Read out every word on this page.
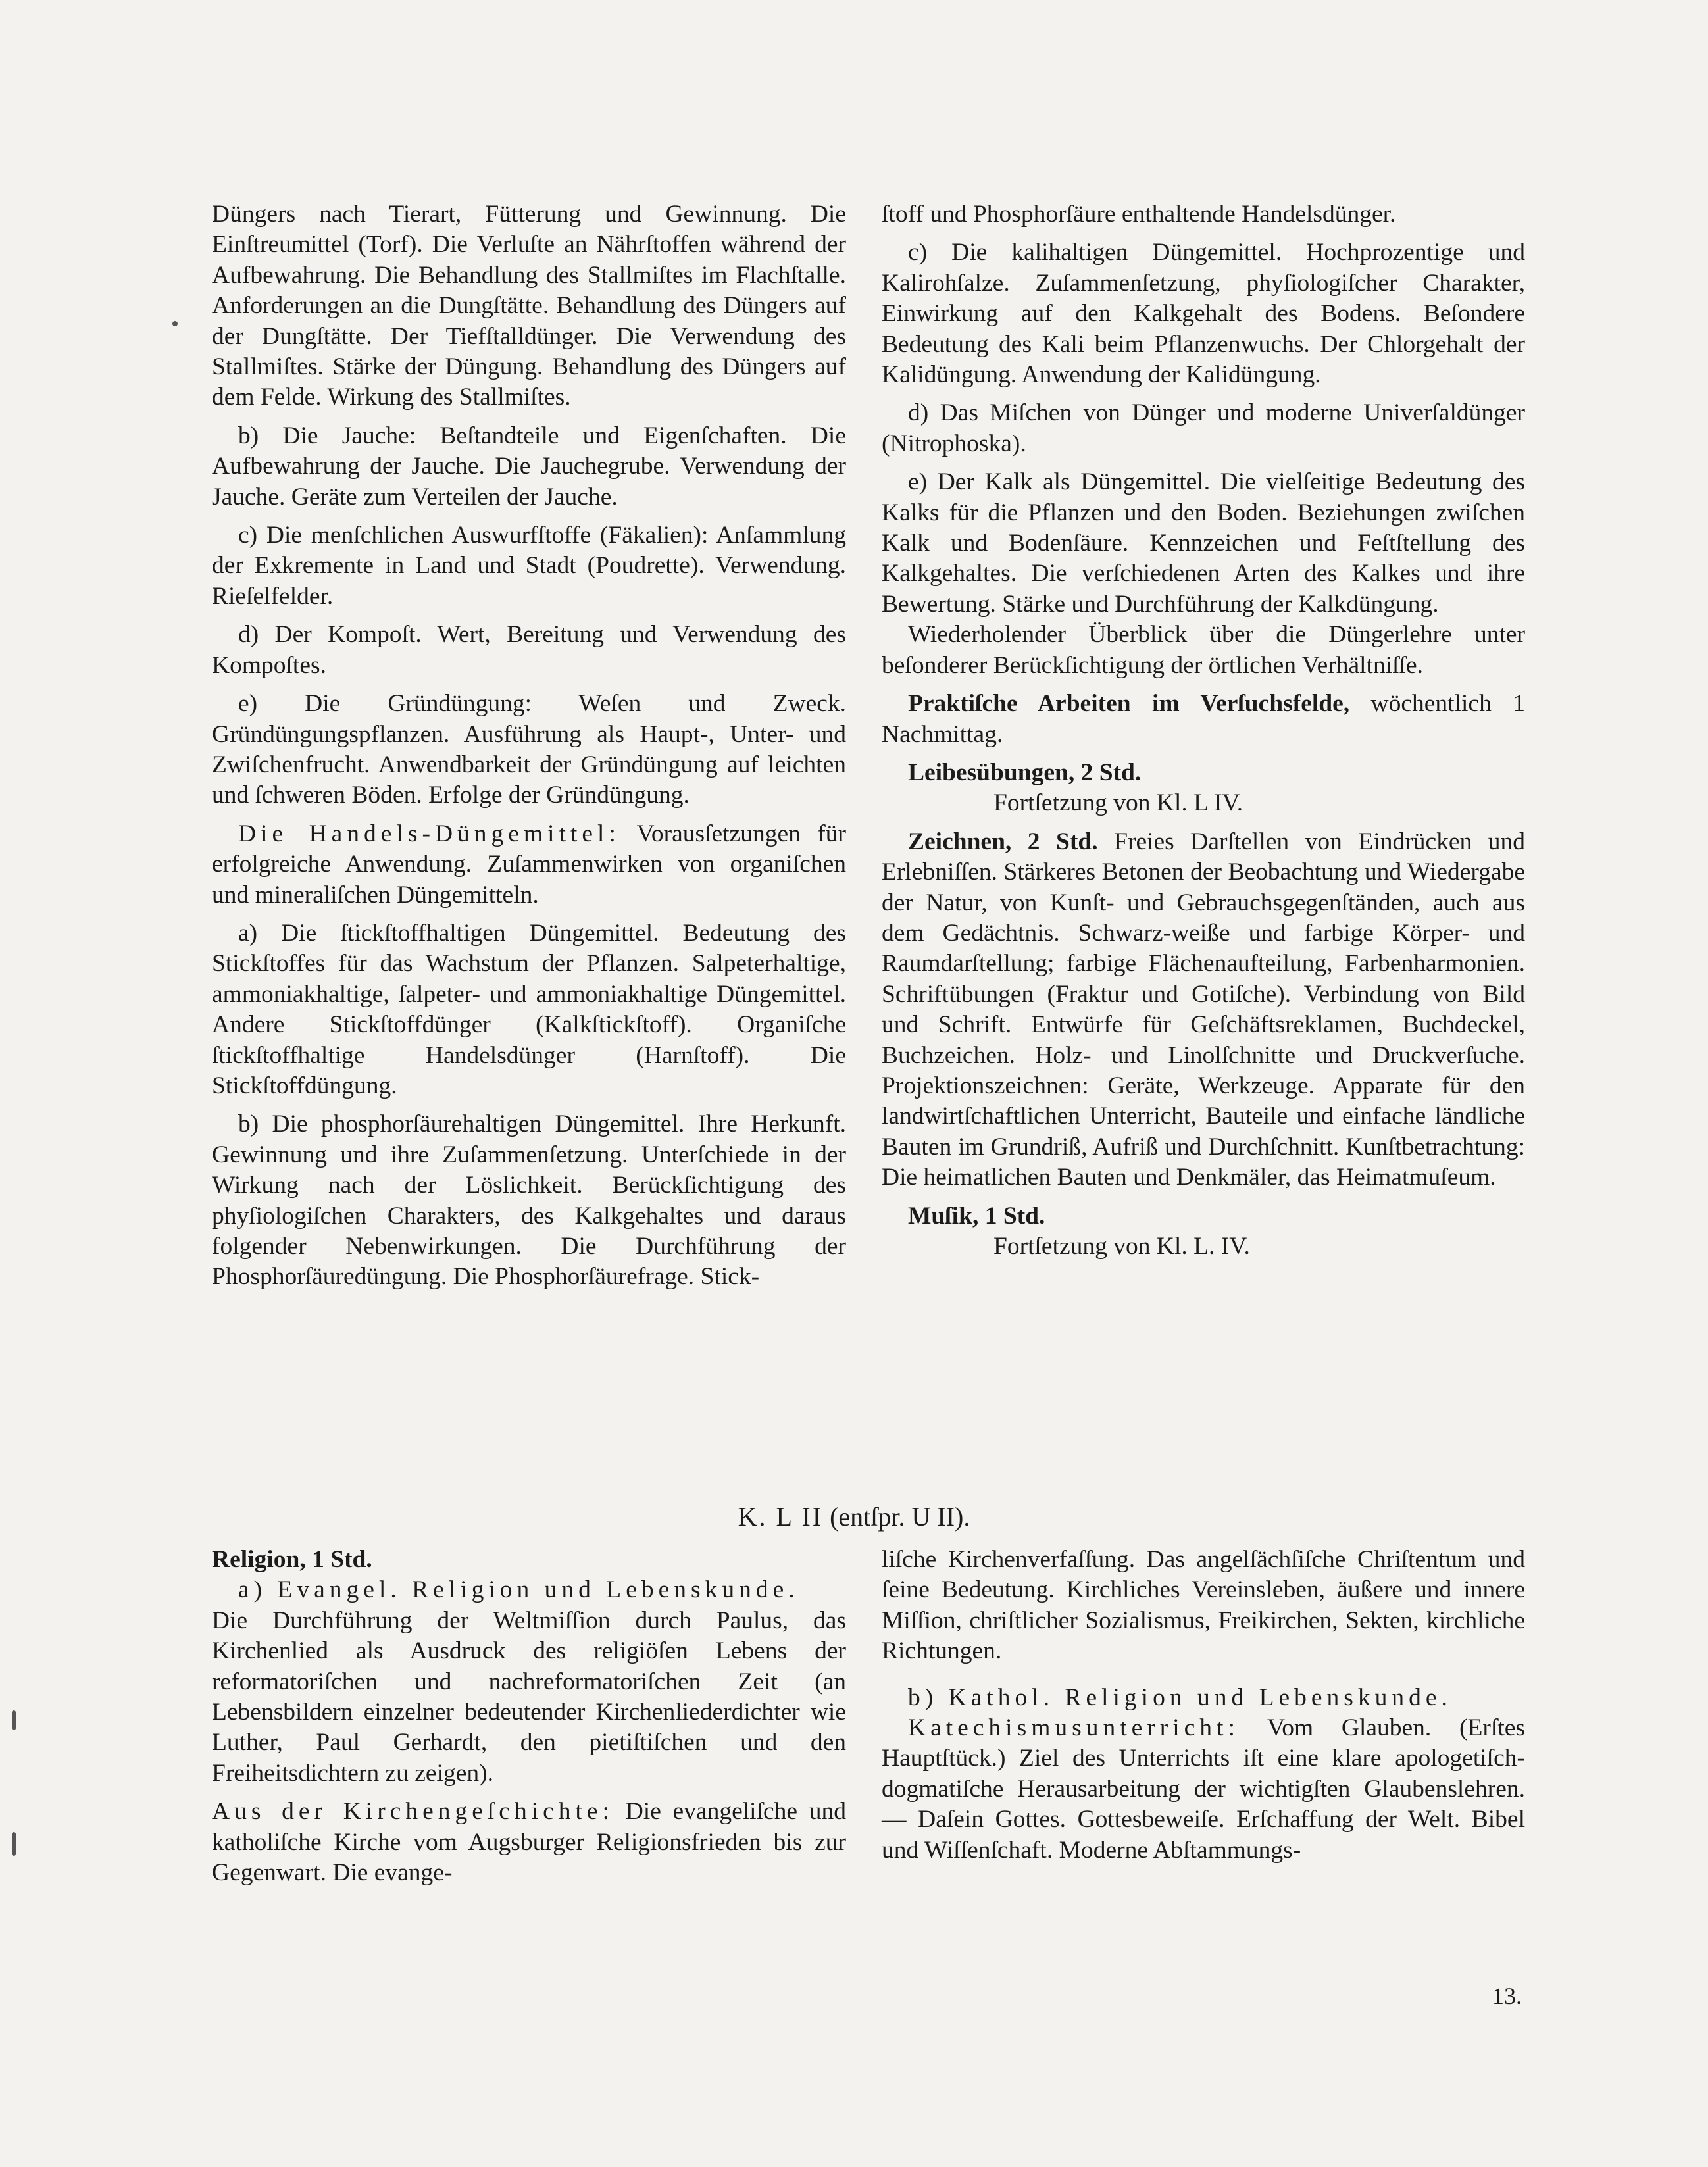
Düngers nach Tierart, Fütterung und Gewinnung. Die Einſtreumittel (Torf). Die Verluſte an Nährſtoffen während der Aufbewahrung. Die Behandlung des Stallmiſtes im Flachſtalle. Anforderungen an die Dungſtätte. Behandlung des Düngers auf der Dungſtätte. Der Tiefſtalldünger. Die Verwendung des Stallmiſtes. Stärke der Düngung. Behandlung des Düngers auf dem Felde. Wirkung des Stallmiſtes.

b) Die Jauche: Beſtandteile und Eigenſchaften. Die Aufbewahrung der Jauche. Die Jauchegrube. Verwendung der Jauche. Geräte zum Verteilen der Jauche.

c) Die menſchlichen Auswurfſtoffe (Fäkalien): Anſammlung der Exkremente in Land und Stadt (Poudrette). Verwendung. Rieſelfelder.

d) Der Kompoſt. Wert, Bereitung und Verwendung des Kompoſtes.

e) Die Gründüngung: Weſen und Zweck. Gründüngungspflanzen. Ausführung als Haupt-, Unter- und Zwiſchenfrucht. Anwendbarkeit der Gründüngung auf leichten und ſchweren Böden. Erfolge der Gründüngung.

Die Handels-Düngemittel: Vorausſetzungen für erfolgreiche Anwendung. Zuſammenwirken von organiſchen und mineraliſchen Düngemitteln.

a) Die ſtickſtoffhaltigen Düngemittel. Bedeutung des Stickſtoffes für das Wachstum der Pflanzen. Salpeterhaltige, ammoniakhaltige, ſalpeter- und ammoniakhaltige Düngemittel. Andere Stickſtoffdünger (Kalkſtickſtoff). Organiſche ſtickſtoffhaltige Handelsdünger (Harnſtoff). Die Stickſtoffdüngung.

b) Die phosphorſäurehaltigen Düngemittel. Ihre Herkunft. Gewinnung und ihre Zuſammenſetzung. Unterſchiede in der Wirkung nach der Löslichkeit. Berückſichtigung des phyſiologiſchen Charakters, des Kalkgehaltes und daraus folgender Nebenwirkungen. Die Durchführung der Phosphorſäuredüngung. Die Phosphorſäurefrage. Stick-

ſtoff und Phosphorſäure enthaltende Handelsdünger.

c) Die kalihaltigen Düngemittel. Hochprozentige und Kalirohſalze. Zuſammenſetzung, phyſiologiſcher Charakter, Einwirkung auf den Kalkgehalt des Bodens. Beſondere Bedeutung des Kali beim Pflanzenwuchs. Der Chlorgehalt der Kalidüngung. Anwendung der Kalidüngung.

d) Das Miſchen von Dünger und moderne Univerſaldünger (Nitrophoska).

e) Der Kalk als Düngemittel. Die vielſeitige Bedeutung des Kalks für die Pflanzen und den Boden. Beziehungen zwiſchen Kalk und Bodenſäure. Kennzeichen und Feſtſtellung des Kalkgehaltes. Die verſchiedenen Arten des Kalkes und ihre Bewertung. Stärke und Durchführung der Kalkdüngung.

Wiederholender Überblick über die Düngerlehre unter beſonderer Berückſichtigung der örtlichen Verhältniſſe.

Praktiſche Arbeiten im Verſuchsfelde, wöchentlich 1 Nachmittag.

Leibesübungen, 2 Std.

Fortſetzung von Kl. L IV.

Zeichnen, 2 Std. Freies Darſtellen von Eindrücken und Erlebniſſen. Stärkeres Betonen der Beobachtung und Wiedergabe der Natur, von Kunſt- und Gebrauchsgegenſtänden, auch aus dem Gedächtnis. Schwarz-weiße und farbige Körper- und Raumdarſtellung; farbige Flächenaufteilung, Farbenharmonien. Schriftübungen (Fraktur und Gotiſche). Verbindung von Bild und Schrift. Entwürfe für Geſchäftsreklamen, Buchdeckel, Buchzeichen. Holz- und Linolſchnitte und Druckverſuche. Projektionszeichnen: Geräte, Werkzeuge. Apparate für den landwirtſchaftlichen Unterricht, Bauteile und einfache ländliche Bauten im Grundriß, Aufriß und Durchſchnitt. Kunſtbetrachtung: Die heimatlichen Bauten und Denkmäler, das Heimatmuſeum.

Muſik, 1 Std.

Fortſetzung von Kl. L. IV.

K. L II (entſpr. U II).

Religion, 1 Std.

a) Evangel. Religion und Lebenskunde.

Die Durchführung der Weltmiſſion durch Paulus, das Kirchenlied als Ausdruck des religiöſen Lebens der reformatoriſchen und nachreformatoriſchen Zeit (an Lebensbildern einzelner bedeutender Kirchenliederdichter wie Luther, Paul Gerhardt, den pietiſtiſchen und den Freiheitsdichtern zu zeigen).

Aus der Kirchengeſchichte: Die evangeliſche und katholiſche Kirche vom Augsburger Religionsfrieden bis zur Gegenwart. Die evange-

liſche Kirchenverfaſſung. Das angelſächſiſche Chriſtentum und ſeine Bedeutung. Kirchliches Vereinsleben, äußere und innere Miſſion, chriſtlicher Sozialismus, Freikirchen, Sekten, kirchliche Richtungen.

b) Kathol. Religion und Lebenskunde.

Katechismusunterricht: Vom Glauben. (Erſtes Hauptſtück.) Ziel des Unterrichts iſt eine klare apologetiſch-dogmatiſche Herausarbeitung der wichtigſten Glaubenslehren. — Daſein Gottes. Gottesbeweiſe. Erſchaffung der Welt. Bibel und Wiſſenſchaft. Moderne Abſtammungs-

13.
